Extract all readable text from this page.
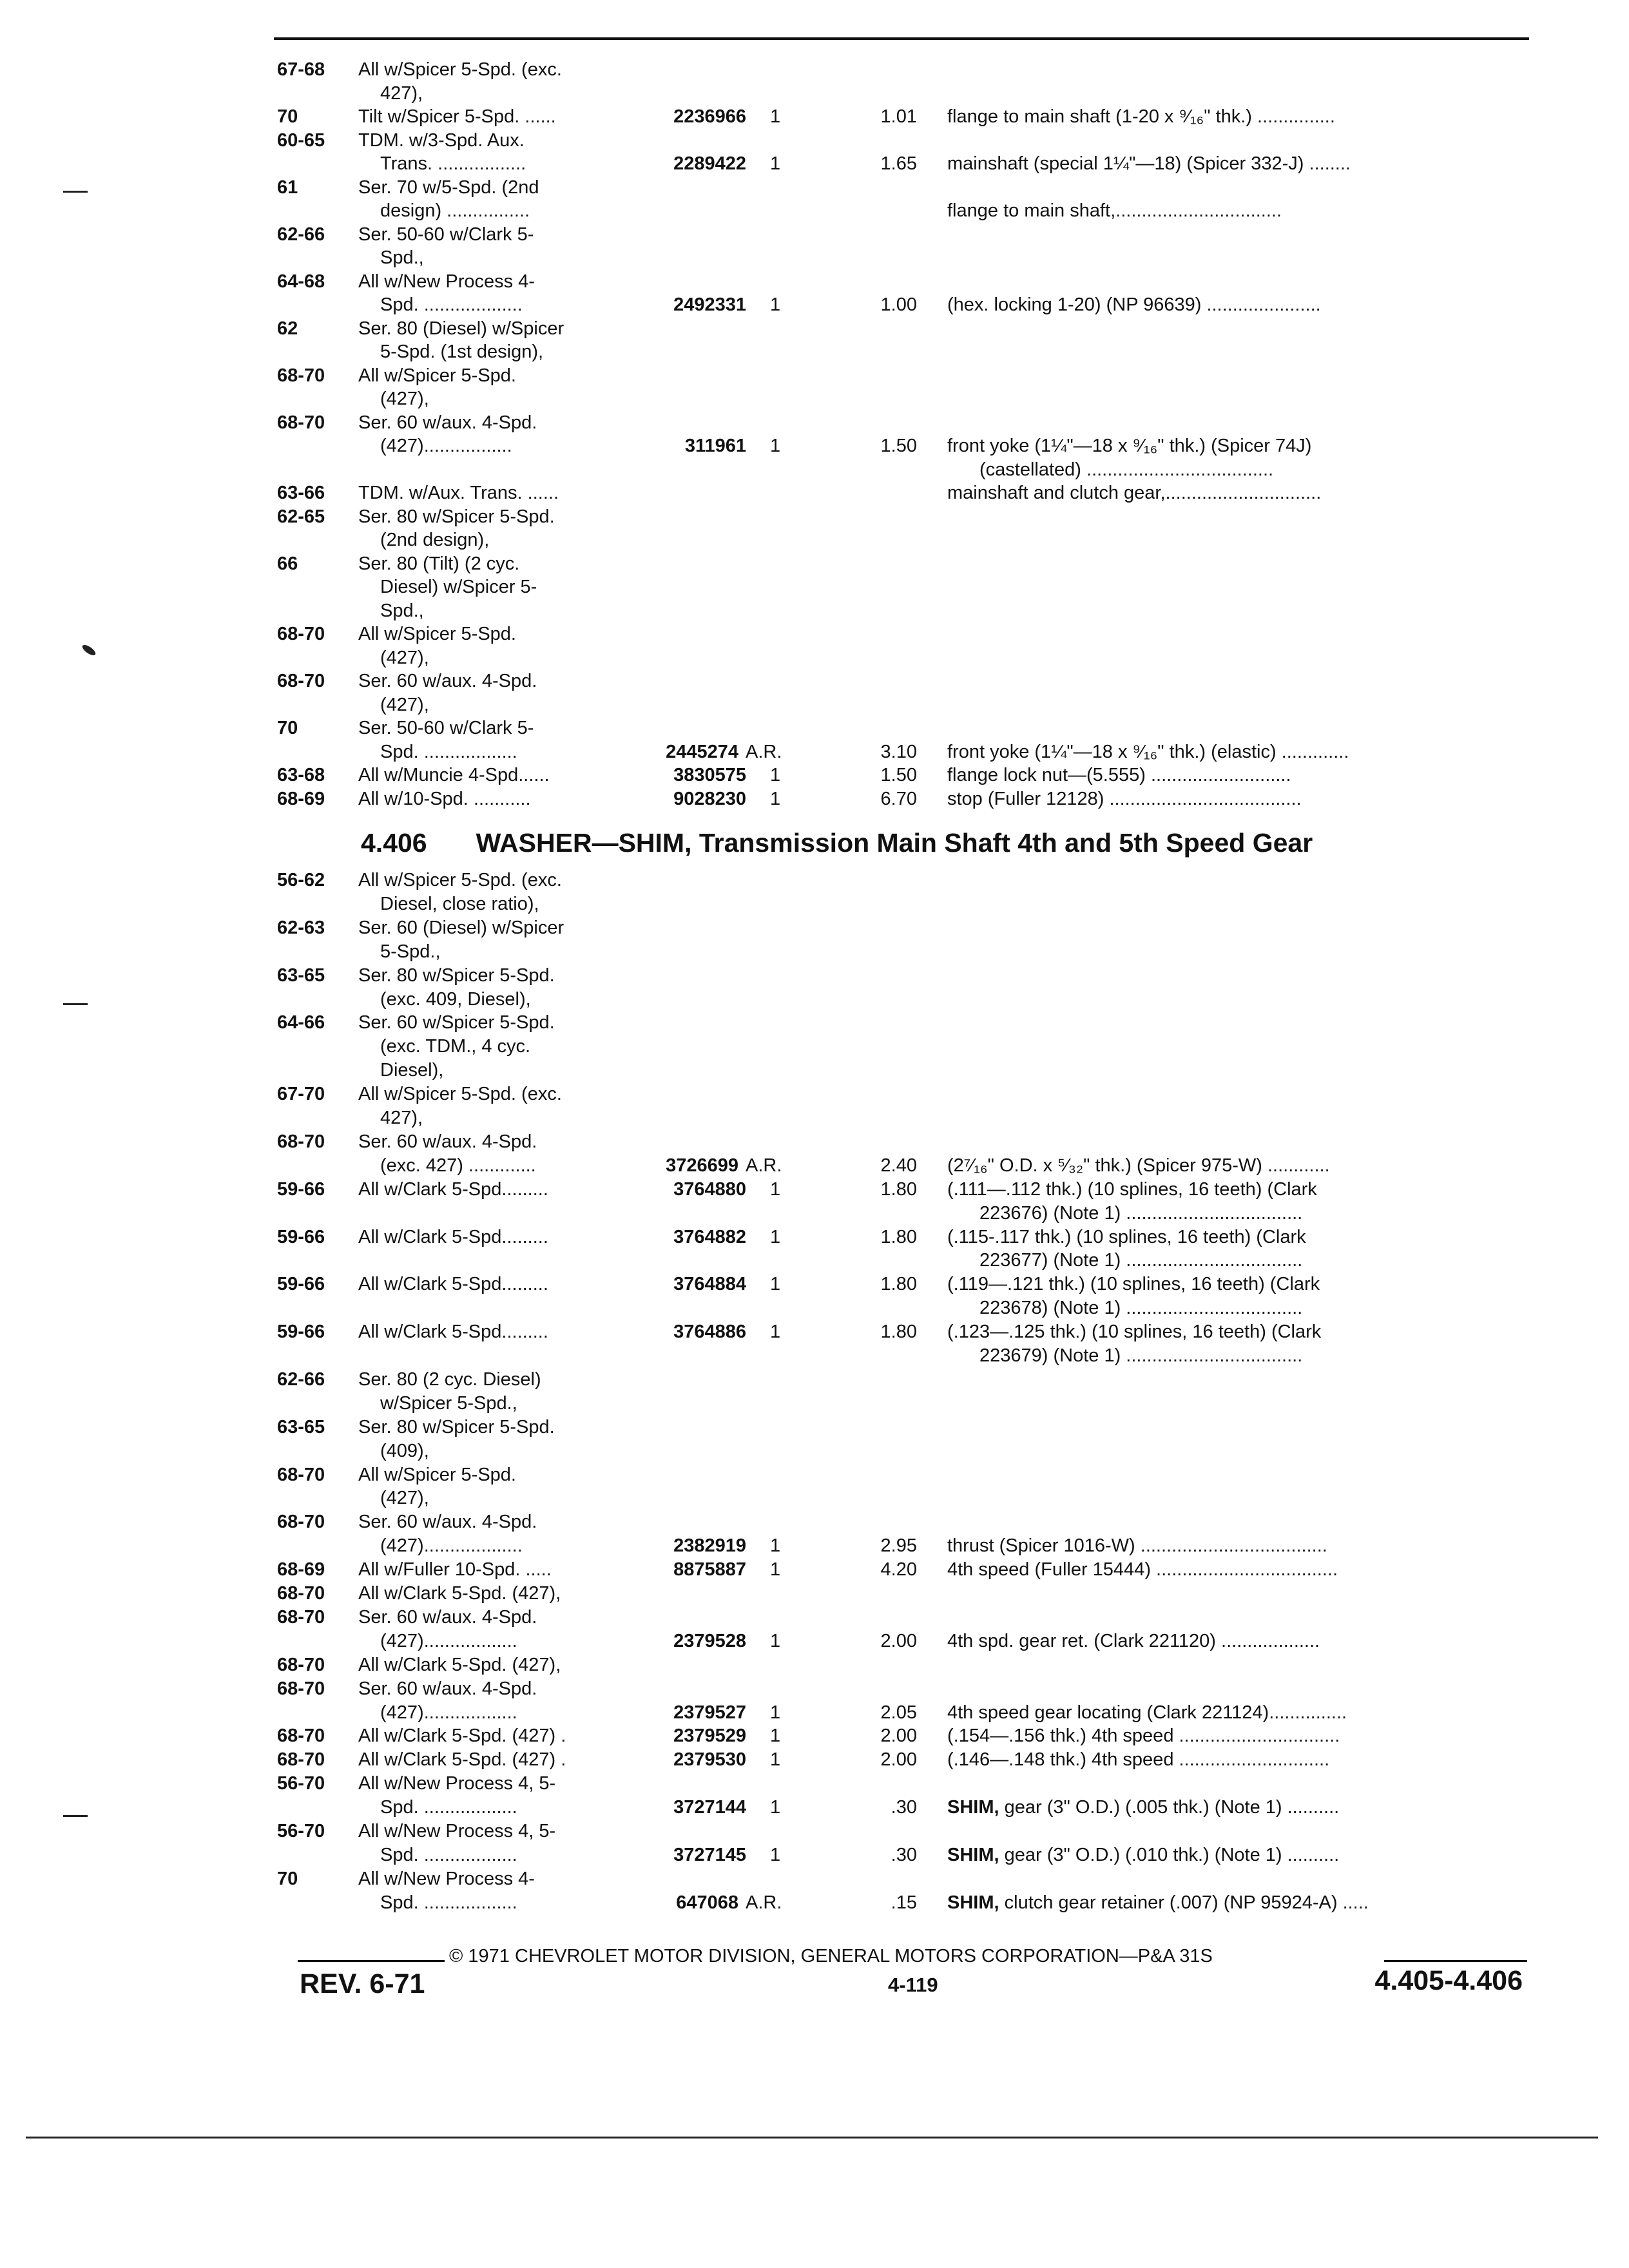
67-68 All w/Spicer 5-Spd. (exc.
427),
70	Tilt w/Spicer 5-Spd. ......	2236966 1	1.01 flange to main shaft (1-20 x ⁹⁄₁₆" thk.) ...............
60-65 TDM. w/3-Spd. Aux.
Trans. .................	2289422 1	1.65 mainshaft (special 1¼"—18) (Spicer 332-J) ........
61	Ser. 70 w/5-Spd. (2nd
design) ................	flange to main shaft,................................
62-66 Ser. 50-60 w/Clark 5-
Spd.,
64-68 All w/New Process 4-
Spd. ...................	2492331 1	1.00 (hex. locking 1-20) (NP 96639) ......................
62	Ser. 80 (Diesel) w/Spicer
5-Spd. (1st design),
68-70 All w/Spicer 5-Spd.
(427),
68-70 Ser. 60 w/aux. 4-Spd.
(427).................	311961 1	1.50 front yoke (1¼"—18 x ⁹⁄₁₆" thk.) (Spicer 74J)
(castellated) ....................................
63-66 TDM. w/Aux. Trans. ......	mainshaft and clutch gear,..............................
62-65 Ser. 80 w/Spicer 5-Spd.
(2nd design),
66	Ser. 80 (Tilt) (2 cyc.
Diesel) w/Spicer 5-
Spd.,
68-70 All w/Spicer 5-Spd.
(427),
68-70 Ser. 60 w/aux. 4-Spd.
(427),
70	Ser. 50-60 w/Clark 5-
Spd. ..................	2445274 A.R.	3.10 front yoke (1¼"—18 x ⁹⁄₁₆" thk.) (elastic) .............
63-68 All w/Muncie 4-Spd......	3830575 1	1.50 flange lock nut—(5.555) ...........................
68-69 All w/10-Spd. ...........	9028230 1	6.70 stop (Fuller 12128) .....................................
4.406 WASHER—SHIM, Transmission Main Shaft 4th and 5th Speed Gear
56-62 All w/Spicer 5-Spd. (exc.
Diesel, close ratio),
62-63 Ser. 60 (Diesel) w/Spicer
5-Spd.,
63-65 Ser. 80 w/Spicer 5-Spd.
(exc. 409, Diesel),
64-66 Ser. 60 w/Spicer 5-Spd.
(exc. TDM., 4 cyc.
Diesel),
67-70 All w/Spicer 5-Spd. (exc.
427),
68-70 Ser. 60 w/aux. 4-Spd.
(exc. 427) .............	3726699 A.R.	2.40 (2⁷⁄₁₆" O.D. x ⁵⁄₃₂" thk.) (Spicer 975-W) ............
59-66 All w/Clark 5-Spd.........	3764880 1	1.80 (.111—.112 thk.) (10 splines, 16 teeth) (Clark
223676) (Note 1) ..................................
59-66 All w/Clark 5-Spd.........	3764882 1	1.80 (.115-.117 thk.) (10 splines, 16 teeth) (Clark
223677) (Note 1) ..................................
59-66 All w/Clark 5-Spd.........	3764884 1	1.80 (.119—.121 thk.) (10 splines, 16 teeth) (Clark
223678) (Note 1) ..................................
59-66 All w/Clark 5-Spd.........	3764886 1	1.80 (.123—.125 thk.) (10 splines, 16 teeth) (Clark
223679) (Note 1) ..................................
62-66 Ser. 80 (2 cyc. Diesel)
w/Spicer 5-Spd.,
63-65 Ser. 80 w/Spicer 5-Spd.
(409),
68-70 All w/Spicer 5-Spd.
(427),
68-70 Ser. 60 w/aux. 4-Spd.
(427)...................	2382919 1	2.95 thrust (Spicer 1016-W) ....................................
68-69 All w/Fuller 10-Spd. .....	8875887 1	4.20 4th speed (Fuller 15444) ...................................
68-70 All w/Clark 5-Spd. (427),
68-70 Ser. 60 w/aux. 4-Spd.
(427)..................	2379528 1	2.00 4th spd. gear ret. (Clark 221120) ...................
68-70 All w/Clark 5-Spd. (427),
68-70 Ser. 60 w/aux. 4-Spd.
(427)..................	2379527 1	2.05 4th speed gear locating (Clark 221124)...............
68-70 All w/Clark 5-Spd. (427) .	2379529 1	2.00 (.154—.156 thk.) 4th speed ...............................
68-70 All w/Clark 5-Spd. (427) .	2379530 1	2.00 (.146—.148 thk.) 4th speed .............................
56-70 All w/New Process 4, 5-
Spd. ..................	3727144 1	.30 SHIM, gear (3" O.D.) (.005 thk.) (Note 1) ..........
56-70 All w/New Process 4, 5-
Spd. ..................	3727145 1	.30 SHIM, gear (3" O.D.) (.010 thk.) (Note 1) ..........
70	All w/New Process 4-
Spd. ..................	647068 A.R.	.15 SHIM, clutch gear retainer (.007) (NP 95924-A) .....
© 1971 CHEVROLET MOTOR DIVISION, GENERAL MOTORS CORPORATION—P&A 31S
REV. 6-71	4-119	4.405-4.406
